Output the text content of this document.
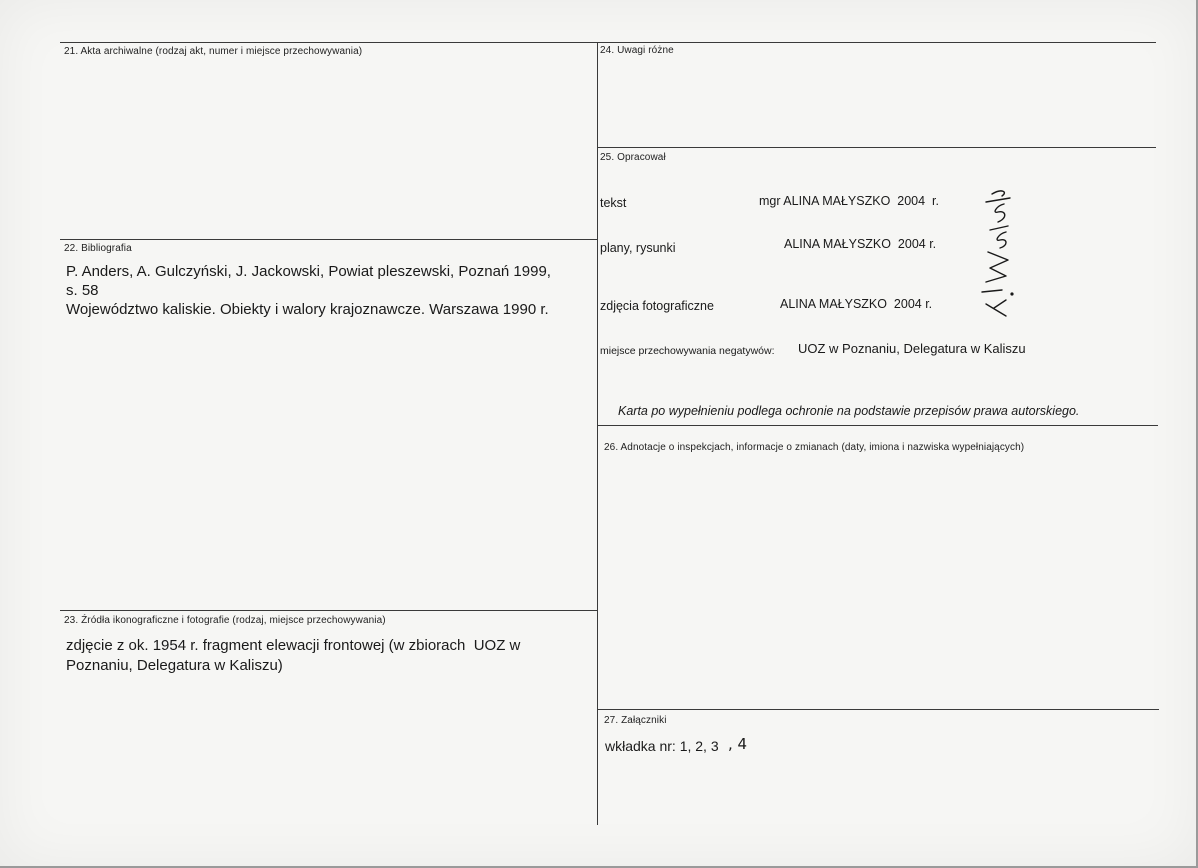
21. Akta archiwalne (rodzaj akt, numer i miejsce przechowywania)
22. Bibliografia
P. Anders, A. Gulczyński, J. Jackowski, Powiat pleszewski, Poznań 1999,
s. 58
Województwo kaliskie. Obiekty i walory krajoznawcze. Warszawa 1990 r.
23. Źródła ikonograficzne i fotografie (rodzaj, miejsce przechowywania)
zdjęcie z ok. 1954 r. fragment elewacji frontowej (w zbiorach  UOZ w
Poznaniu, Delegatura w Kaliszu)
24. Uwagi różne
25. Opracował
tekst	mgr ALINA MAŁYSZKO  2004  r.
plany, rysunki	ALINA MAŁYSZKO  2004 r.
zdjęcia fotograficzne	ALINA MAŁYSZKO  2004 r.
miejsce przechowywania negatywów: UOZ w Poznaniu, Delegatura w Kaliszu
Karta po wypełnieniu podlega ochronie na podstawie przepisów prawa autorskiego.
26. Adnotacje o inspekcjach, informacje o zmianach (daty, imiona i nazwiska wypełniających)
27. Załączniki
wkładka nr: 1, 2, 3 , 4
